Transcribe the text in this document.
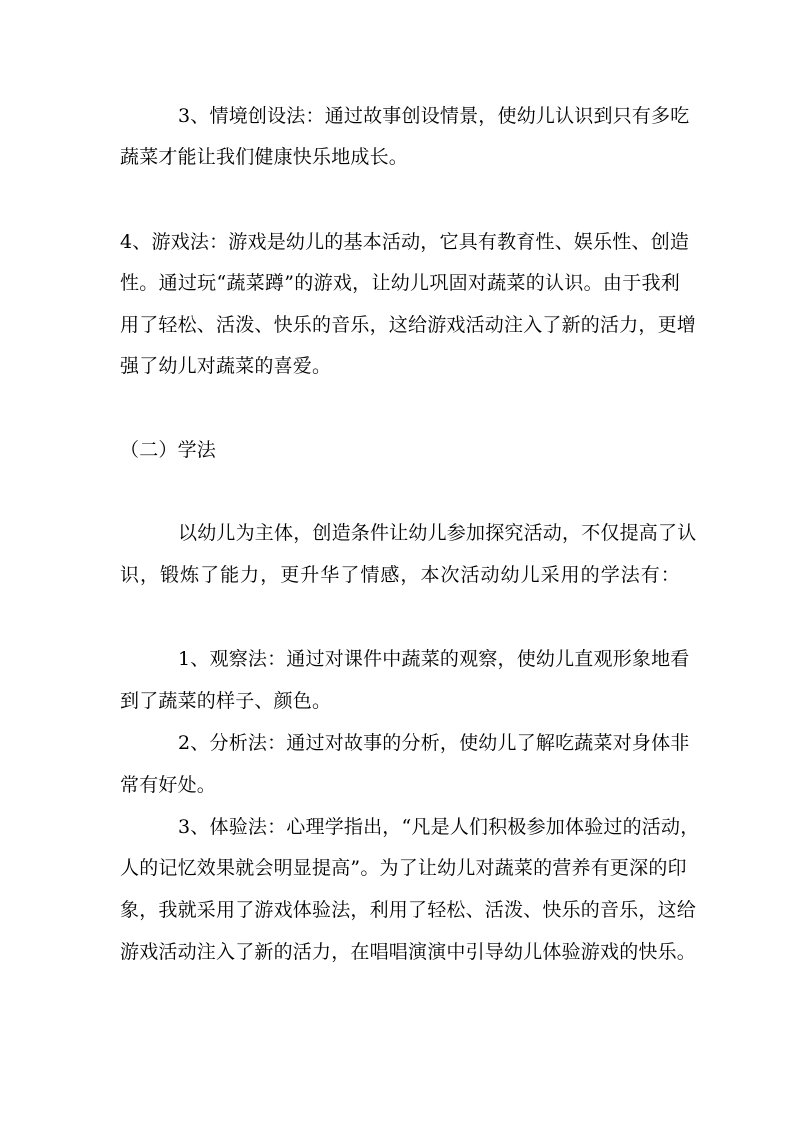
3、情境创设法：通过故事创设情景，使幼儿认识到只有多吃
蔬菜才能让我们健康快乐地成长。
4、游戏法：游戏是幼儿的基本活动，它具有教育性、娱乐性、创造
性。通过玩“蔬菜蹲”的游戏，让幼儿巩固对蔬菜的认识。由于我利
用了轻松、活泼、快乐的音乐，这给游戏活动注入了新的活力，更增
强了幼儿对蔬菜的喜爱。
（二）学法
以幼儿为主体，创造条件让幼儿参加探究活动，不仅提高了认
识，锻炼了能力，更升华了情感，本次活动幼儿采用的学法有：
1、观察法：通过对课件中蔬菜的观察，使幼儿直观形象地看
到了蔬菜的样子、颜色。
2、分析法：通过对故事的分析，使幼儿了解吃蔬菜对身体非
常有好处。
3、体验法：心理学指出，“凡是人们积极参加体验过的活动，
人的记忆效果就会明显提高”。为了让幼儿对蔬菜的营养有更深的印
象，我就采用了游戏体验法，利用了轻松、活泼、快乐的音乐，这给
游戏活动注入了新的活力，在唱唱演演中引导幼儿体验游戏的快乐。
